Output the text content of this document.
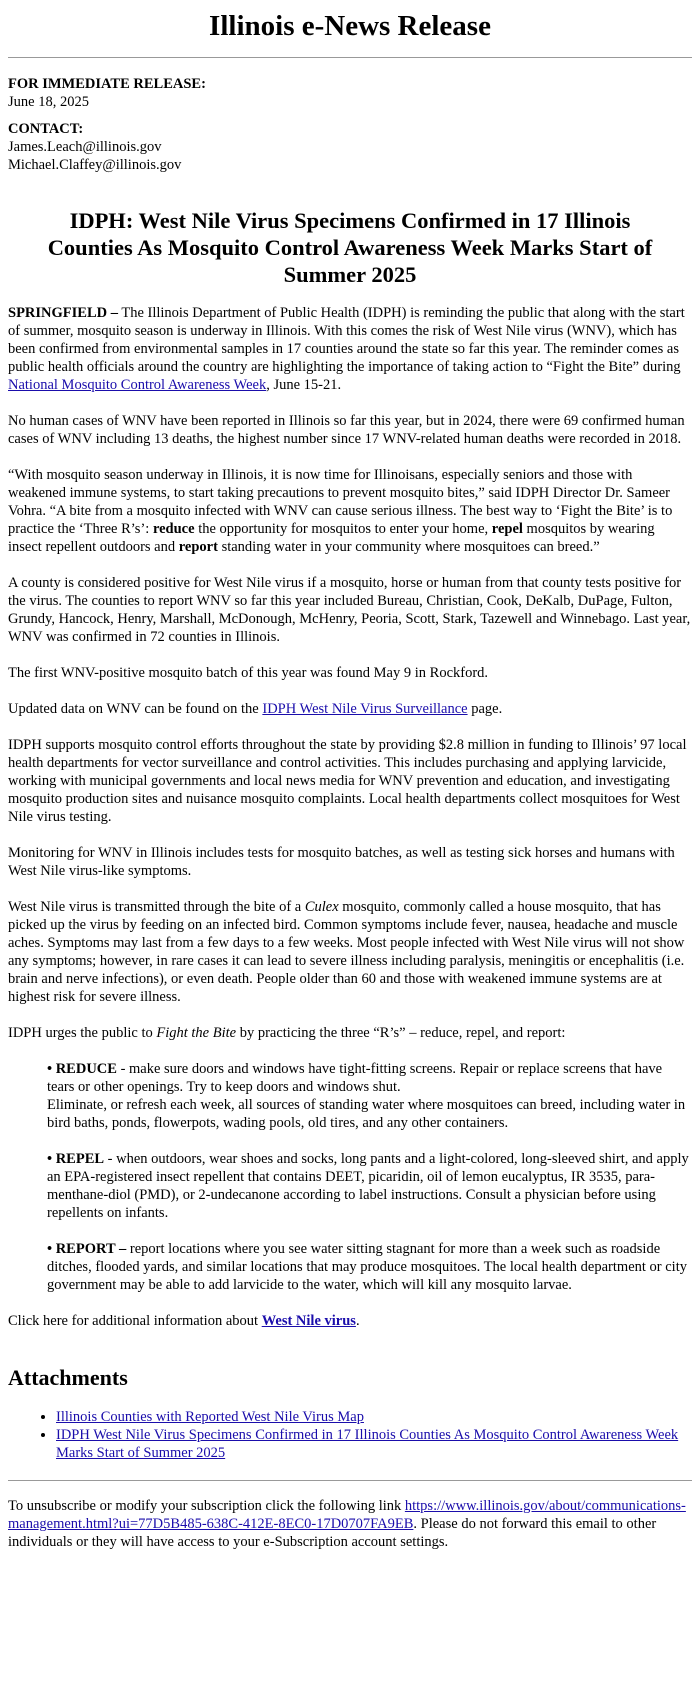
Illinois e-News Release

FOR IMMEDIATE RELEASE:
June 18, 2025

CONTACT:
James.Leach@illinois.gov
Michael.Claffey@illinois.gov

IDPH: West Nile Virus Specimens Confirmed in 17 Illinois Counties As Mosquito Control Awareness Week Marks Start of Summer 2025

SPRINGFIELD – The Illinois Department of Public Health (IDPH) is reminding the public that along with the start of summer, mosquito season is underway in Illinois. With this comes the risk of West Nile virus (WNV), which has been confirmed from environmental samples in 17 counties around the state so far this year. The reminder comes as public health officials around the country are highlighting the importance of taking action to “Fight the Bite” during National Mosquito Control Awareness Week, June 15-21.

No human cases of WNV have been reported in Illinois so far this year, but in 2024, there were 69 confirmed human cases of WNV including 13 deaths, the highest number since 17 WNV-related human deaths were recorded in 2018.

“With mosquito season underway in Illinois, it is now time for Illinoisans, especially seniors and those with weakened immune systems, to start taking precautions to prevent mosquito bites,” said IDPH Director Dr. Sameer Vohra. “A bite from a mosquito infected with WNV can cause serious illness. The best way to ‘Fight the Bite’ is to practice the ‘Three R’s’: reduce the opportunity for mosquitos to enter your home, repel mosquitos by wearing insect repellent outdoors and report standing water in your community where mosquitoes can breed.”

A county is considered positive for West Nile virus if a mosquito, horse or human from that county tests positive for the virus. The counties to report WNV so far this year included Bureau, Christian, Cook, DeKalb, DuPage, Fulton, Grundy, Hancock, Henry, Marshall, McDonough, McHenry, Peoria, Scott, Stark, Tazewell and Winnebago. Last year, WNV was confirmed in 72 counties in Illinois.

The first WNV-positive mosquito batch of this year was found May 9 in Rockford.

Updated data on WNV can be found on the IDPH West Nile Virus Surveillance page.

IDPH supports mosquito control efforts throughout the state by providing $2.8 million in funding to Illinois’ 97 local health departments for vector surveillance and control activities. This includes purchasing and applying larvicide, working with municipal governments and local news media for WNV prevention and education, and investigating mosquito production sites and nuisance mosquito complaints. Local health departments collect mosquitoes for West Nile virus testing.

Monitoring for WNV in Illinois includes tests for mosquito batches, as well as testing sick horses and humans with West Nile virus-like symptoms.

West Nile virus is transmitted through the bite of a Culex mosquito, commonly called a house mosquito, that has picked up the virus by feeding on an infected bird. Common symptoms include fever, nausea, headache and muscle aches. Symptoms may last from a few days to a few weeks. Most people infected with West Nile virus will not show any symptoms; however, in rare cases it can lead to severe illness including paralysis, meningitis or encephalitis (i.e. brain and nerve infections), or even death. People older than 60 and those with weakened immune systems are at highest risk for severe illness.

IDPH urges the public to Fight the Bite by practicing the three “R’s” – reduce, repel, and report:

• REDUCE - make sure doors and windows have tight-fitting screens. Repair or replace screens that have tears or other openings. Try to keep doors and windows shut.
Eliminate, or refresh each week, all sources of standing water where mosquitoes can breed, including water in bird baths, ponds, flowerpots, wading pools, old tires, and any other containers.

• REPEL - when outdoors, wear shoes and socks, long pants and a light-colored, long-sleeved shirt, and apply an EPA-registered insect repellent that contains DEET, picaridin, oil of lemon eucalyptus, IR 3535, para-menthane-diol (PMD), or 2-undecanone according to label instructions. Consult a physician before using repellents on infants.

• REPORT – report locations where you see water sitting stagnant for more than a week such as roadside ditches, flooded yards, and similar locations that may produce mosquitoes. The local health department or city government may be able to add larvicide to the water, which will kill any mosquito larvae.

Click here for additional information about West Nile virus.

Attachments
• Illinois Counties with Reported West Nile Virus Map
• IDPH West Nile Virus Specimens Confirmed in 17 Illinois Counties As Mosquito Control Awareness Week Marks Start of Summer 2025
To unsubscribe or modify your subscription click the following link https://www.illinois.gov/about/communications-management.html?ui=77D5B485-638C-412E-8EC0-17D0707FA9EB. Please do not forward this email to other individuals or they will have access to your e-Subscription account settings.
